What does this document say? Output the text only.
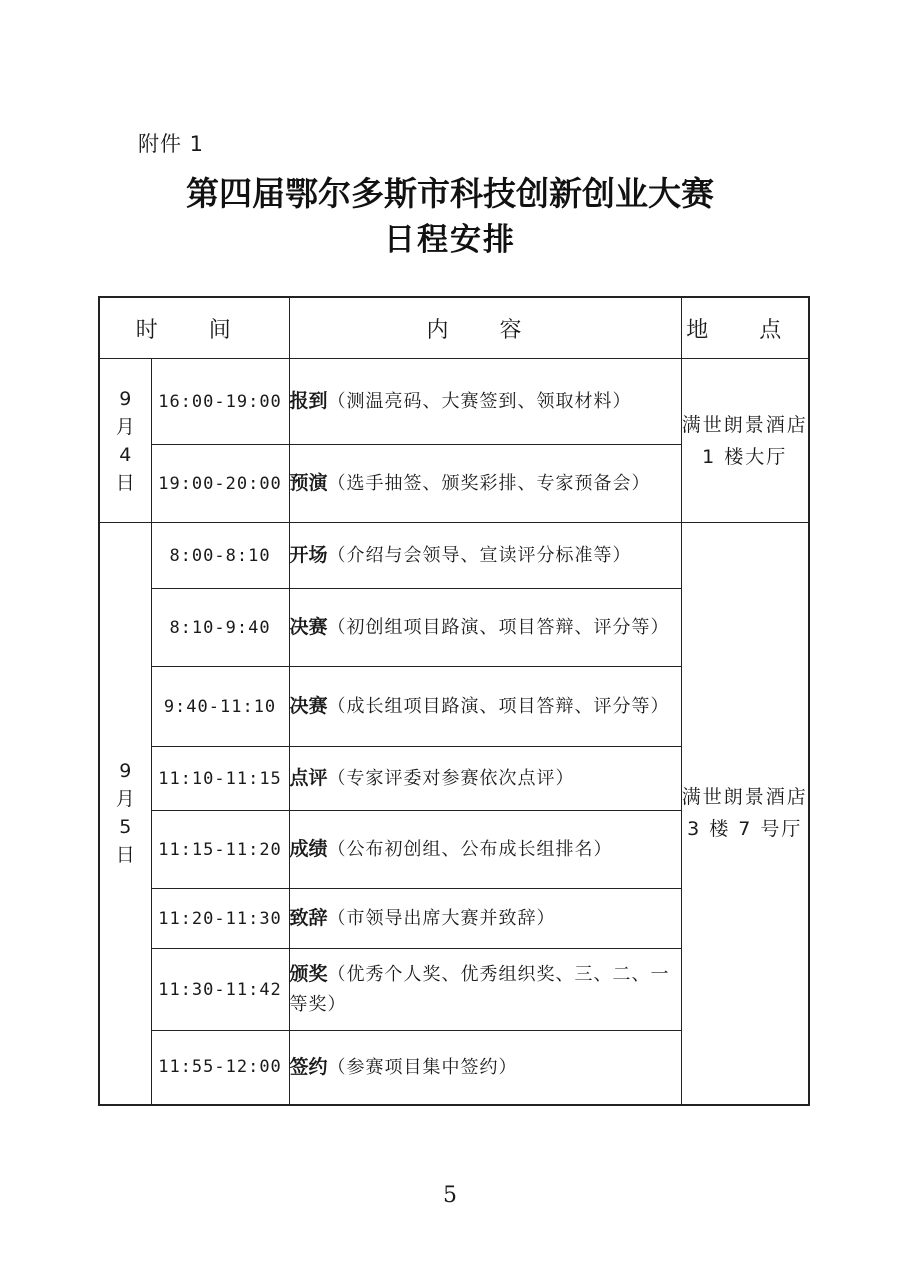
附件 1
第四届鄂尔多斯市科技创新创业大赛
日程安排
时 间		内 容	地 点

9
月
4
日	16:00-19:00	报到（测温亮码、大赛签到、领取材料）	满世朗景酒店 1 楼大厅
	19:00-20:00	预演（选手抽签、颁奖彩排、专家预备会）	

9
月
5
日	8:00-8:10	开场（介绍与会领导、宣读评分标准等）	满世朗景酒店 3 楼 7 号厅
	8:10-9:40	决赛（初创组项目路演、项目答辩、评分等）	
	9:40-11:10	决赛（成长组项目路演、项目答辩、评分等）	
	11:10-11:15	点评（专家评委对参赛依次点评）	
	11:15-11:20	成绩（公布初创组、公布成长组排名）	
	11:20-11:30	致辞（市领导出席大赛并致辞）	
	11:30-11:42	颁奖（优秀个人奖、优秀组织奖、三、二、一等奖）	
	11:55-12:00	签约（参赛项目集中签约）	
5
